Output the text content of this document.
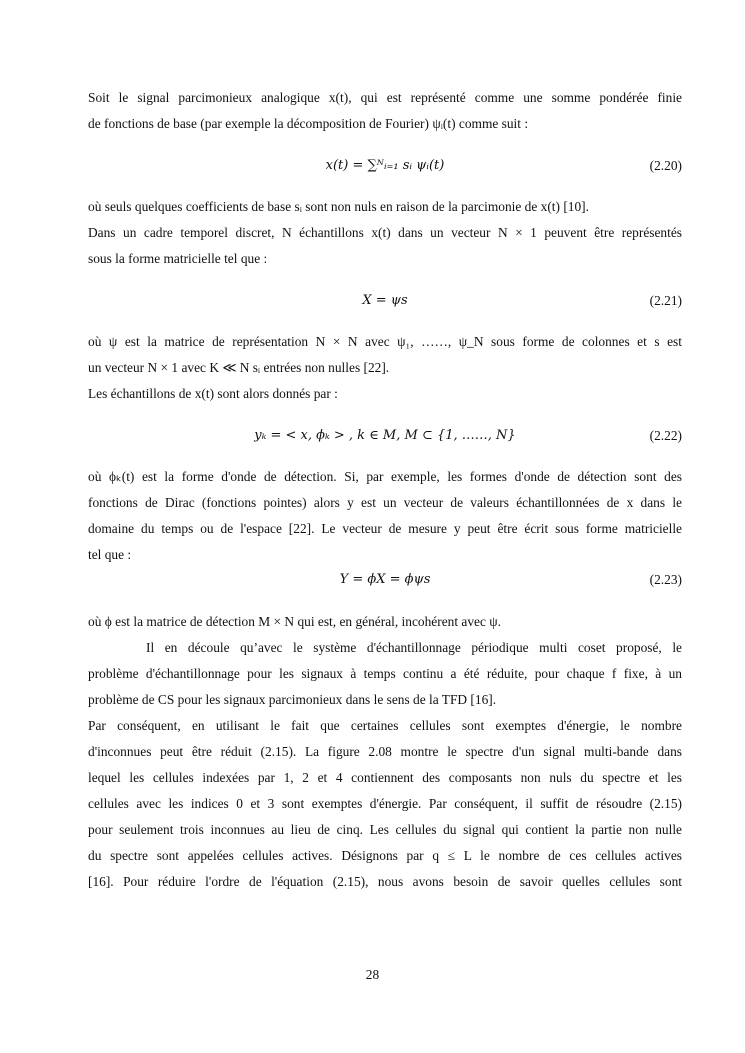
Soit le signal parcimonieux analogique x(t), qui est représenté comme une somme pondérée finie
de fonctions de base (par exemple la décomposition de Fourier) ψᵢ(t) comme suit :
x(t) = ∑ᴺᵢ₌₁ sᵢ ψᵢ(t)	(2.20)
où seuls quelques coefficients de base sᵢ sont non nuls en raison de la parcimonie de x(t) [10].
Dans un cadre temporel discret, N échantillons x(t) dans un vecteur N × 1 peuvent être représentés
sous la forme matricielle tel que :
X = ψs	(2.21)
où ψ est la matrice de représentation N × N avec ψ₁, ……, ψ_N sous forme de colonnes et s est
un vecteur N × 1 avec K ≪ N sᵢ entrées non nulles [22].
Les échantillons de x(t) sont alors donnés par :
yₖ = < x, ϕₖ > , k ∈ M, M ⊂ {1, ……, N}	(2.22)
où ϕₖ(t) est la forme d'onde de détection. Si, par exemple, les formes d'onde de détection sont des
fonctions de Dirac (fonctions pointes) alors y est un vecteur de valeurs échantillonnées de x dans le
domaine du temps ou de l'espace [22]. Le vecteur de mesure y peut être écrit sous forme matricielle
tel que :
Y = ϕX = ϕψs	(2.23)
où ϕ est la matrice de détection M × N qui est, en général, incohérent avec ψ.
Il en découle qu’avec le système d'échantillonnage périodique multi coset proposé, le
problème d'échantillonnage pour les signaux à temps continu a été réduite, pour chaque f fixe, à un
problème de CS pour les signaux parcimonieux dans le sens de la TFD [16].
Par conséquent, en utilisant le fait que certaines cellules sont exemptes d'énergie, le nombre
d'inconnues peut être réduit (2.15). La figure 2.08 montre le spectre d'un signal multi-bande dans
lequel les cellules indexées par 1, 2 et 4 contiennent des composants non nuls du spectre et les
cellules avec les indices 0 et 3 sont exemptes d'énergie. Par conséquent, il suffit de résoudre (2.15)
pour seulement trois inconnues au lieu de cinq. Les cellules du signal qui contient la partie non nulle
du spectre sont appelées cellules actives. Désignons par q ≤ L le nombre de ces cellules actives
[16]. Pour réduire l'ordre de l'équation (2.15), nous avons besoin de savoir quelles cellules sont
28
